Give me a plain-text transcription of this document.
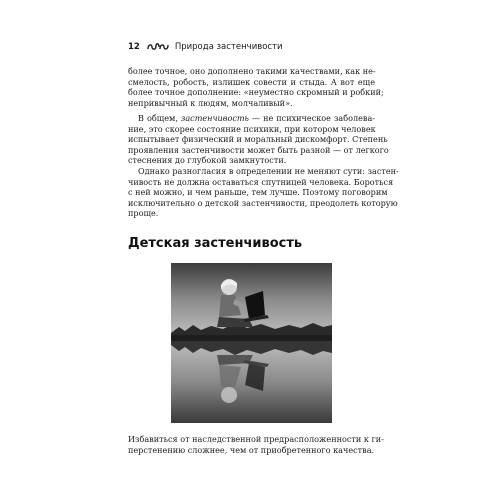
12	Природа застенчивости

более точное, оно дополнено такими качествами, как не-
смелость, робость, излишек совести и стыда. А вот еще
более точное дополнение: «неуместно скромный и робкий;
непривычный к людям, молчаливый».

В общем, застенчивость — не психическое заболева-
ние, это скорее состояние психики, при котором человек
испытывает физический и моральный дискомфорт. Степень
проявления застенчивости может быть разной — от легкого
стеснения до глубокой замкнутости.

Однако разногласия в определении не меняют сути: застен-
чивость не должна оставаться спутницей человека. Бороться
с ней можно, и чем раньше, тем лучше. Поэтому поговорим
исключительно о детской застенчивости, преодолеть которую
проще.

Детская застенчивость

Избавиться от наследственной предрасположенности к ги-
перстенению сложнее, чем от приобретенного качества.
